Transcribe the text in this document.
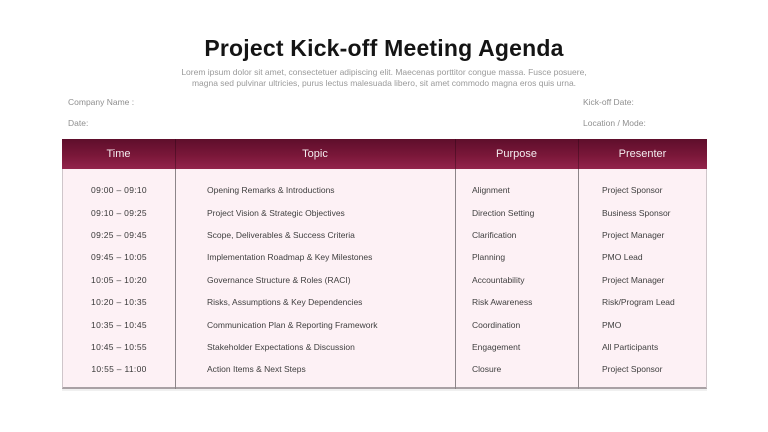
Project Kick-off Meeting Agenda
Lorem ipsum dolor sit amet, consectetuer adipiscing elit. Maecenas porttitor congue massa. Fusce posuere,
magna sed pulvinar ultricies, purus lectus malesuada libero, sit amet commodo magna eros quis urna.
Company Name :
Date:
Kick-off Date:
Location / Mode:
Time	Topic	Purpose	Presenter
09:00 – 09:10	Opening Remarks & Introductions	Alignment	Project Sponsor
09:10 – 09:25	Project Vision & Strategic Objectives	Direction Setting	Business Sponsor
09:25 – 09:45	Scope, Deliverables & Success Criteria	Clarification	Project Manager
09:45 – 10:05	Implementation Roadmap & Key Milestones	Planning	PMO Lead
10:05 – 10:20	Governance Structure & Roles (RACI)	Accountability	Project Manager
10:20 – 10:35	Risks, Assumptions & Key Dependencies	Risk Awareness	Risk/Program Lead
10:35 – 10:45	Communication Plan & Reporting Framework	Coordination	PMO
10:45 – 10:55	Stakeholder Expectations & Discussion	Engagement	All Participants
10:55 – 11:00	Action Items & Next Steps	Closure	Project Sponsor
